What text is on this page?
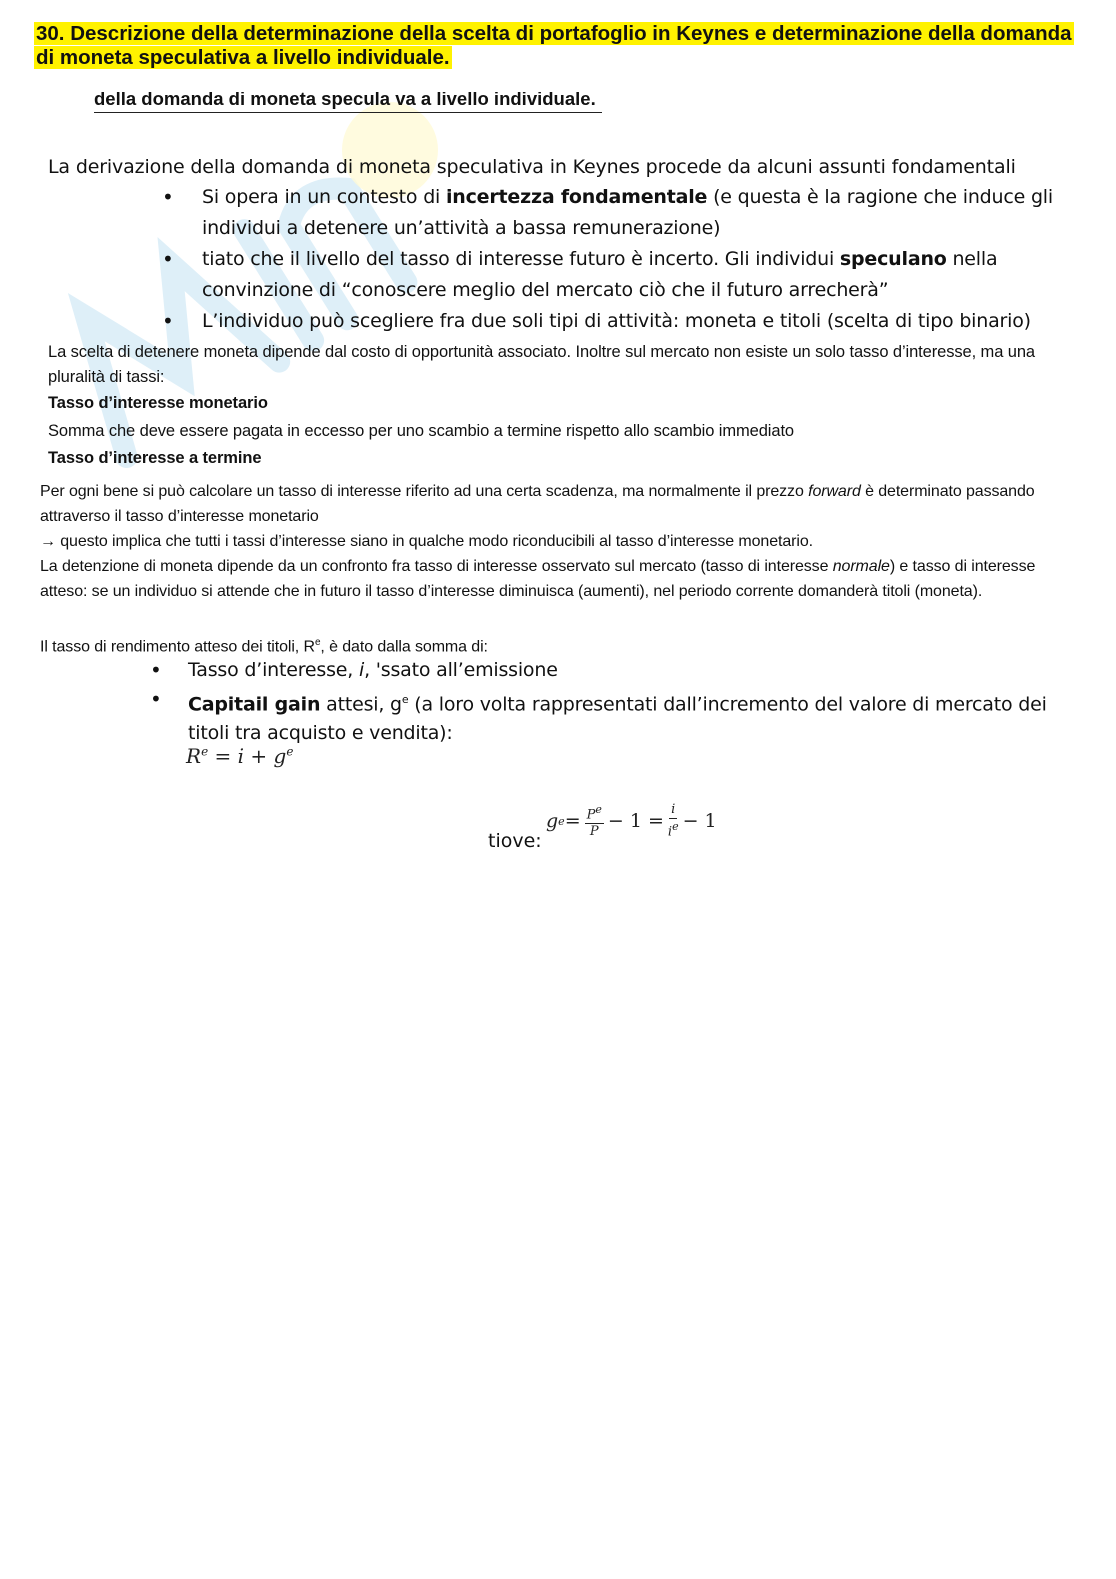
30. Descrizione della determinazione della scelta di portafoglio in Keynes e determinazione della domanda
di moneta speculativa a livello individuale.
della domanda di moneta specula va a livello individuale.
La derivazione della domanda di moneta speculativa in Keynes procede da alcuni assunti fondamentali
• Si opera in un contesto di incertezza fondamentale (e questa è la ragione che induce gli individui a detenere un’attività a bassa remunerazione)
• tiato che il livello del tasso di interesse futuro è incerto. Gli individui speculano nella convinzione di “conoscere meglio del mercato ciò che il futuro arrecherà”
• L’individuo può scegliere fra due soli tipi di attività: moneta e titoli (scelta di tipo binario)
La scelta di detenere moneta dipende dal costo di opportunità associato. Inoltre sul mercato non esiste un solo tasso d’interesse, ma una pluralità di tassi:
Tasso d’interesse monetario
Somma che deve essere pagata in eccesso per uno scambio a termine rispetto allo scambio immediato
Tasso d’interesse a termine
Per ogni bene si può calcolare un tasso di interesse riferito ad una certa scadenza, ma normalmente il prezzo forward è determinato passando attraverso il tasso d’interesse monetario
→ questo implica che tutti i tassi d’interesse siano in qualche modo riconducibili al tasso d’interesse monetario.
La detenzione di moneta dipende da un confronto fra tasso di interesse osservato sul mercato (tasso di interesse normale) e tasso di interesse atteso: se un individuo si attende che in futuro il tasso d’interesse diminuisca (aumenti), nel periodo corrente domanderà titoli (moneta).
Il tasso di rendimento atteso dei titoli, $R^e$, è dato dalla somma di:
• Tasso d’interesse, i, 'ssato all’emissione
• Capitail gain attesi, $g^e$ (a loro volta rappresentati dall’incremento del valore di mercato dei titoli tra acquisto e vendita):
$R^e = i + g^e$
tiove:
g $e = \frac{P^e}{P} - 1 = \frac{i}{i^e} - 1$
